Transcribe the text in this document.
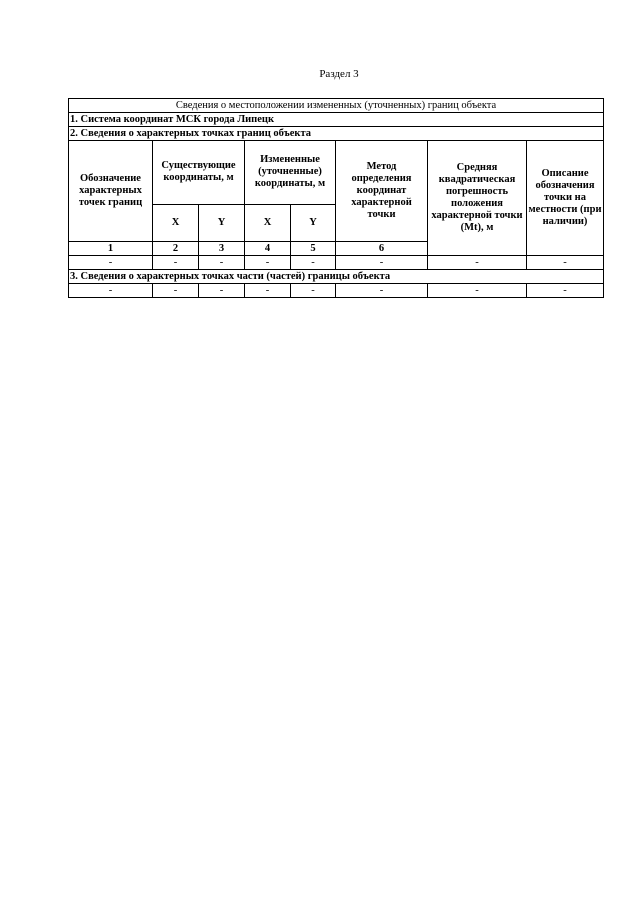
Раздел 3
Сведения о местоположении измененных (уточненных) границ объекта							
1. Система координат МСК города Липецк							
2. Сведения о характерных точках границ объекта							
Обозначение характерных точек границ	Существующие координаты, м		Измененные (уточненные) координаты, м		Метод определения координат характерной точки	Средняя квадратическая погрешность положения характерной точки (Mt), м	Описание обозначения точки на местности (при наличии)
	X	Y	X	Y			
1	2	3	4	5	6		
-	-	-	-	-	-	-	-
3. Сведения о характерных точках части (частей) границы объекта							
-	-	-	-	-	-	-	-
